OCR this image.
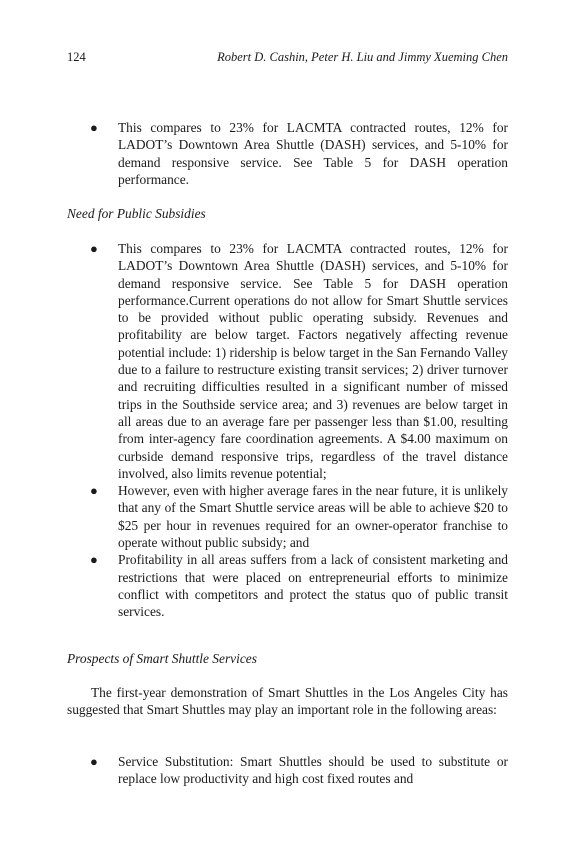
124	Robert D. Cashin, Peter H. Liu and Jimmy Xueming Chen
● This compares to 23% for LACMTA contracted routes, 12% for LADOT’s Downtown Area Shuttle (DASH) services, and 5-10% for demand responsive service. See Table 5 for DASH operation performance.
Need for Public Subsidies
● This compares to 23% for LACMTA contracted routes, 12% for LADOT’s Downtown Area Shuttle (DASH) services, and 5-10% for demand responsive service. See Table 5 for DASH operation performance.Current operations do not allow for Smart Shuttle services to be provided without public operating subsidy. Revenues and profitability are below target. Factors negatively affecting revenue potential include: 1) ridership is below target in the San Fernando Valley due to a failure to restructure existing transit services; 2) driver turnover and recruiting difficulties resulted in a significant number of missed trips in the Southside service area; and 3) revenues are below target in all areas due to an average fare per passenger less than $1.00, resulting from inter-agency fare coordination agreements. A $4.00 maximum on curbside demand responsive trips, regardless of the travel distance involved, also limits revenue potential;
● However, even with higher average fares in the near future, it is unlikely that any of the Smart Shuttle service areas will be able to achieve $20 to $25 per hour in revenues required for an owner-operator franchise to operate without public subsidy; and
● Profitability in all areas suffers from a lack of consistent marketing and restrictions that were placed on entrepreneurial efforts to minimize conflict with competitors and protect the status quo of public transit services.
Prospects of Smart Shuttle Services

The first-year demonstration of Smart Shuttles in the Los Angeles City has suggested that Smart Shuttles may play an important role in the following areas:

● Service Substitution: Smart Shuttles should be used to substitute or replace low productivity and high cost fixed routes and
